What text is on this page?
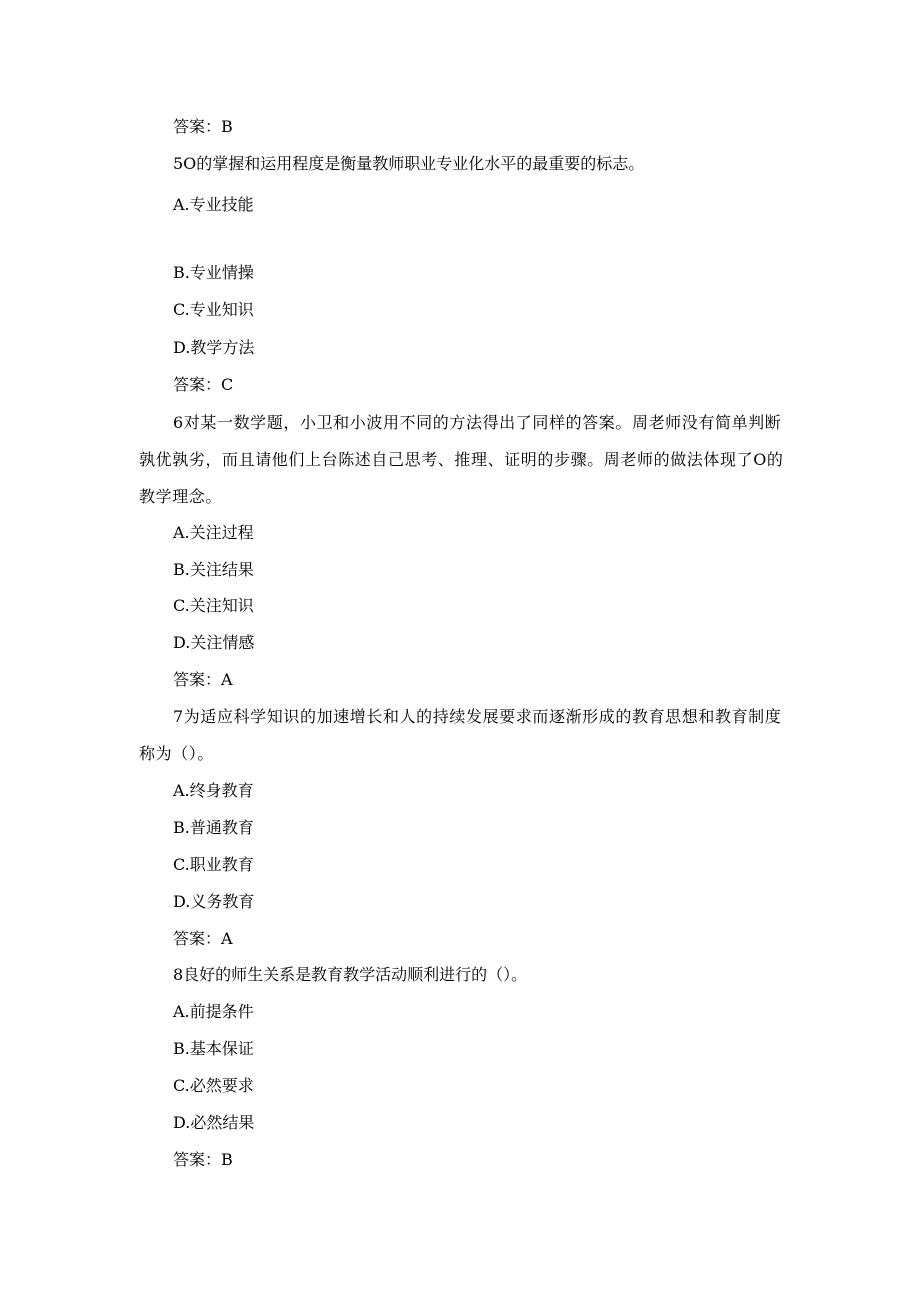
答案：B
5O的掌握和运用程度是衡量教师职业专业化水平的最重要的标志。
A.专业技能
B.专业情操
C.专业知识
D.教学方法
答案：C
6对某一数学题，小卫和小波用不同的方法得出了同样的答案。周老师没有简单判断孰优孰劣，而且请他们上台陈述自己思考、推理、证明的步骤。周老师的做法体现了O的教学理念。
A.关注过程
B.关注结果
C.关注知识
D.关注情感
答案：A
7为适应科学知识的加速增长和人的持续发展要求而逐渐形成的教育思想和教育制度称为（）。
A.终身教育
B.普通教育
C.职业教育
D.义务教育
答案：A
8良好的师生关系是教育教学活动顺利进行的（）。
A.前提条件
B.基本保证
C.必然要求
D.必然结果
答案：B
